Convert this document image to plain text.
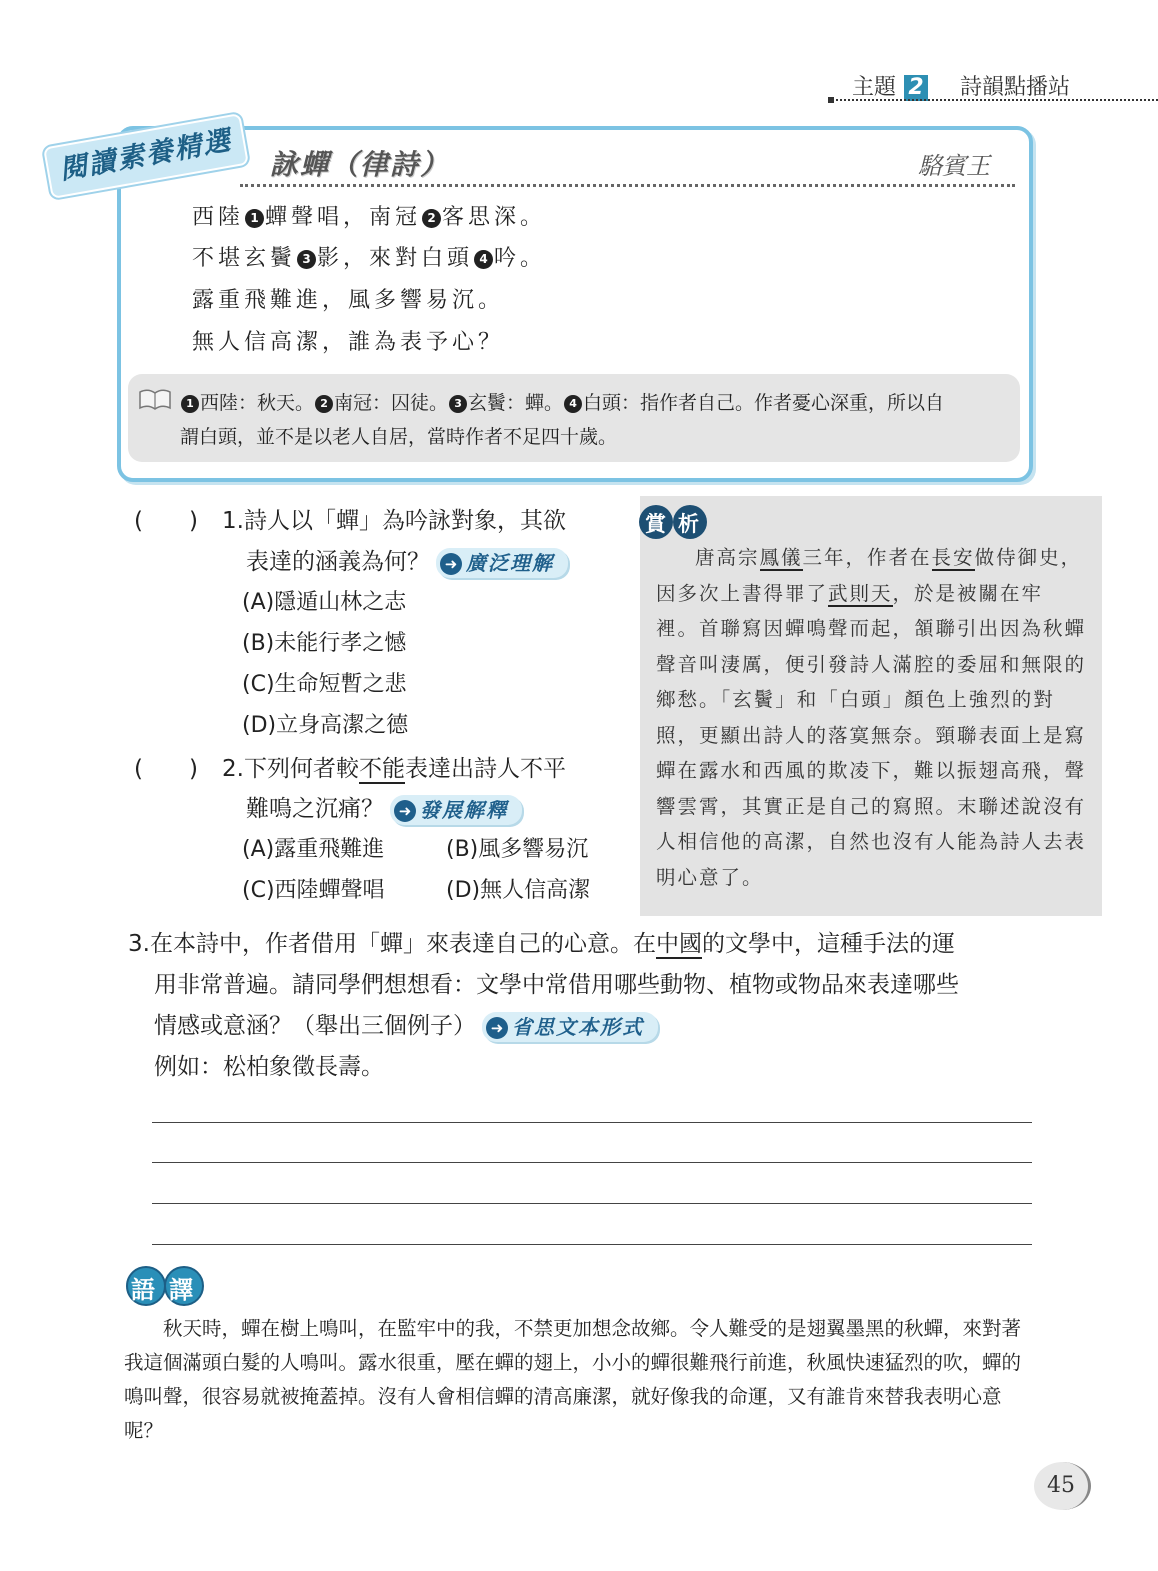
主題 2 詩韻點播站
閱讀素養精選	詠蟬（律詩）	駱賓王
西陸 1 蟬聲唱，南冠 2 客思深。
不堪玄鬢 3 影，來對白頭 4 吟。
露重飛難進，風多響易沉。
無人信高潔，誰為表予心？
1 西陸：秋天。 2 南冠：囚徒。 3 玄鬢：蟬。 4 白頭：指作者自己。作者憂心深重，所以自
謂白頭，並不是以老人自居，當時作者不足四十歲。
(　　) 1.詩人以「蟬」為吟詠對象，其欲
表達的涵義為何？ ➜ 廣泛理解
(A)隱遁山林之志
(B)未能行孝之憾
(C)生命短暫之悲
(D)立身高潔之德
(　　) 2.下列何者較不能表達出詩人不平
難鳴之沉痛？ ➜ 發展解釋
(A)露重飛難進	(B)風多響易沉
(C)西陸蟬聲唱	(D)無人信高潔
賞析

唐高宗鳳儀三年，作者在長安做侍御史，因多次上書得罪了武則天，於是被關在牢裡。首聯寫因蟬鳴聲而起，頷聯引出因為秋蟬聲音叫淒厲，便引發詩人滿腔的委屈和無限的鄉愁。「玄鬢」和「白頭」顏色上強烈的對照，更顯出詩人的落寞無奈。頸聯表面上是寫蟬在露水和西風的欺凌下，難以振翅高飛，聲響雲霄，其實正是自己的寫照。末聯述說沒有人相信他的高潔，自然也沒有人能為詩人去表明心意了。

3.在本詩中，作者借用「蟬」來表達自己的心意。在中國的文學中，這種手法的運
用非常普遍。請同學們想想看：文學中常借用哪些動物、植物或物品來表達哪些
情感或意涵？（舉出三個例子） ➜ 省思文本形式
例如：松柏象徵長壽。
語譯

秋天時，蟬在樹上鳴叫，在監牢中的我，不禁更加想念故鄉。令人難受的是翅翼墨黑的秋蟬，來對著我這個滿頭白髮的人鳴叫。露水很重，壓在蟬的翅上，小小的蟬很難飛行前進，秋風快速猛烈的吹，蟬的鳴叫聲，很容易就被掩蓋掉。沒有人會相信蟬的清高廉潔，就好像我的命運，又有誰肯來替我表明心意呢？

45
